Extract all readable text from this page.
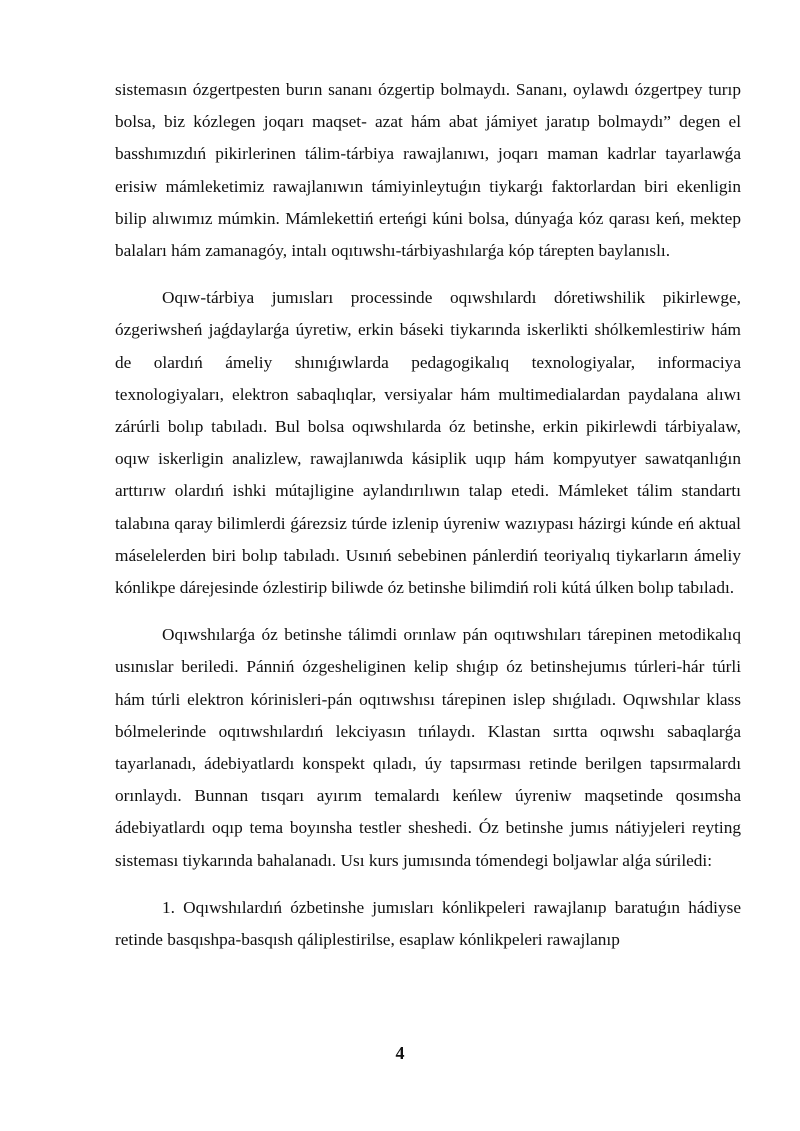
sistemasın ózgertpesten burın sananı ózgertip bolmaydı. Sananı, oylawdı ózgertpey turıp bolsa, biz kózlegen joqarı maqset- azat hám abat jámiyet jaratıp bolmaydı” degen el basshımızdıń pikirlerinen tálim-tárbiya rawajlanıwı, joqarı maman kadrlar tayarlawǵa erisiw mámleketimiz rawajlanıwın támiyinleytuǵın tiykarǵı faktorlardan biri ekenligin bilip alıwımız múmkin. Mámlekettiń erteńgi kúni bolsa, dúnyaǵa kóz qarası keń, mektep balaları hám zamanagóy, intalı oqıtıwshı-tárbiyashılarǵa kóp tárepten baylanıslı.

Oqıw-tárbiya jumısları processinde oqıwshılardı dóretiwshilik pikirlewge, ózgeriwsheń jaǵdaylarǵa úyretiw, erkin báseki tiykarında iskerlikti shólkemlestiriw hám de olardıń ámeliy shınıǵıwlarda pedagogikalıq texnologiyalar, informaciya texnologiyaları, elektron sabaqlıqlar, versiyalar hám multimedialardan paydalana alıwı zárúrli bolıp tabıladı. Bul bolsa oqıwshılarda óz betinshe, erkin pikirlewdi tárbiyalaw, oqıw iskerligin analizlew, rawajlanıwda kásiplik uqıp hám kompyutyer sawatqanlıǵın arttırıw olardıń ishki mútajligine aylandırılıwın talap etedi. Mámleket tálim standartı talabına qaray bilimlerdi ǵárezsiz túrde izlenip úyreniw wazıypası házirgi kúnde eń aktual máselelerden biri bolıp tabıladı. Usınıń sebebinen pánlerdiń teoriyalıq tiykarların ámeliy kónlikpe dárejesinde ózlestirip biliwde óz betinshe bilimdiń roli kútá úlken bolıp tabıladı.

Oqıwshılarǵa óz betinshe tálimdi orınlaw pán oqıtıwshıları tárepinen metodikalıq usınıslar beriledi. Pánniń ózgesheliginen kelip shıǵıp óz betinshejumıs túrleri-hár túrli hám túrli elektron kórinisleri-pán oqıtıwshısı tárepinen islep shıǵıladı. Oqıwshılar klass bólmelerinde oqıtıwshılardıń lekciyasın tıńlaydı. Klastan sırtta oqıwshı sabaqlarǵa tayarlanadı, ádebiyatlardı konspekt qıladı, úy tapsırması retinde berilgen tapsırmalardı orınlaydı. Bunnan tısqarı ayırım temalardı keńlew úyreniw maqsetinde qosımsha ádebiyatlardı oqıp tema boyınsha testler sheshedi. Óz betinshe jumıs nátiyjeleri reyting sisteması tiykarında bahalanadı. Usı kurs jumısında tómendegi boljawlar alǵa súriledi:

1. Oqıwshılardıń ózbetinshe jumısları kónlikpeleri rawajlanıp baratuǵın hádiyse retinde basqıshpa-basqısh qáliplestirilse, esaplaw kónlikpeleri rawajlanıp

4
